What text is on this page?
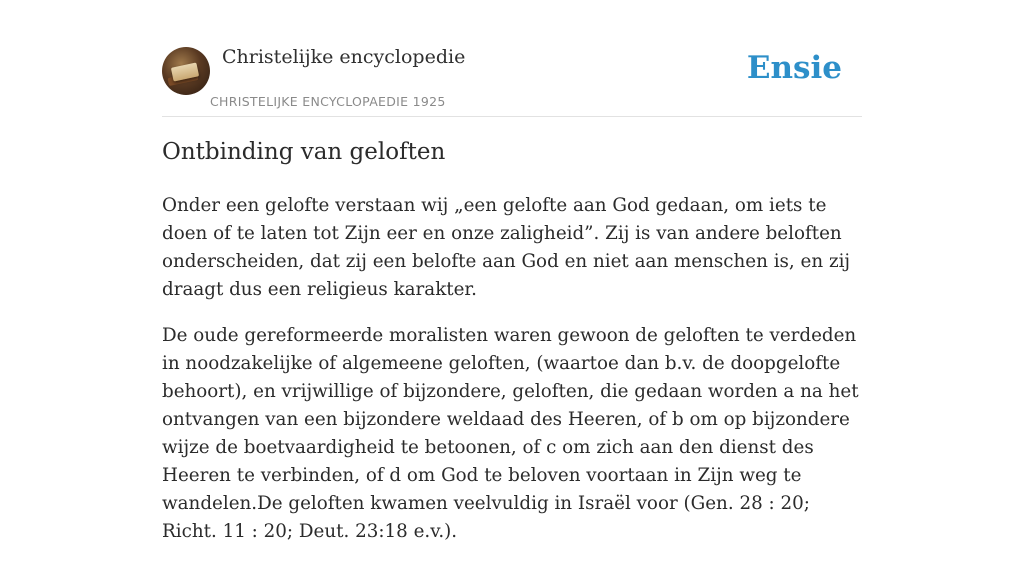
Christelijke encyclopedie
CHRISTELIJKE ENCYCLOPAEDIE 1925
Ensie
Ontbinding van geloften

Onder een gelofte verstaan wij „een gelofte aan God gedaan, om iets te doen of te laten tot Zijn eer en onze zaligheid”. Zij is van andere beloften onderscheiden, dat zij een belofte aan God en niet aan menschen is, en zij draagt dus een religieus karakter.

De oude gereformeerde moralisten waren gewoon de geloften te verdeden in noodzakelijke of algemeene geloften, (waartoe dan b.v. de doopgelofte behoort), en vrijwillige of bijzondere, geloften, die gedaan worden a na het ontvangen van een bijzondere weldaad des Heeren, of b om op bijzondere wijze de boetvaardigheid te betoonen, of c om zich aan den dienst des Heeren te verbinden, of d om God te beloven voortaan in Zijn weg te wandelen.De geloften kwamen veelvuldig in Israël voor (Gen. 28 : 20; Richt. 11 : 20; Deut. 23:18 e.v.).
